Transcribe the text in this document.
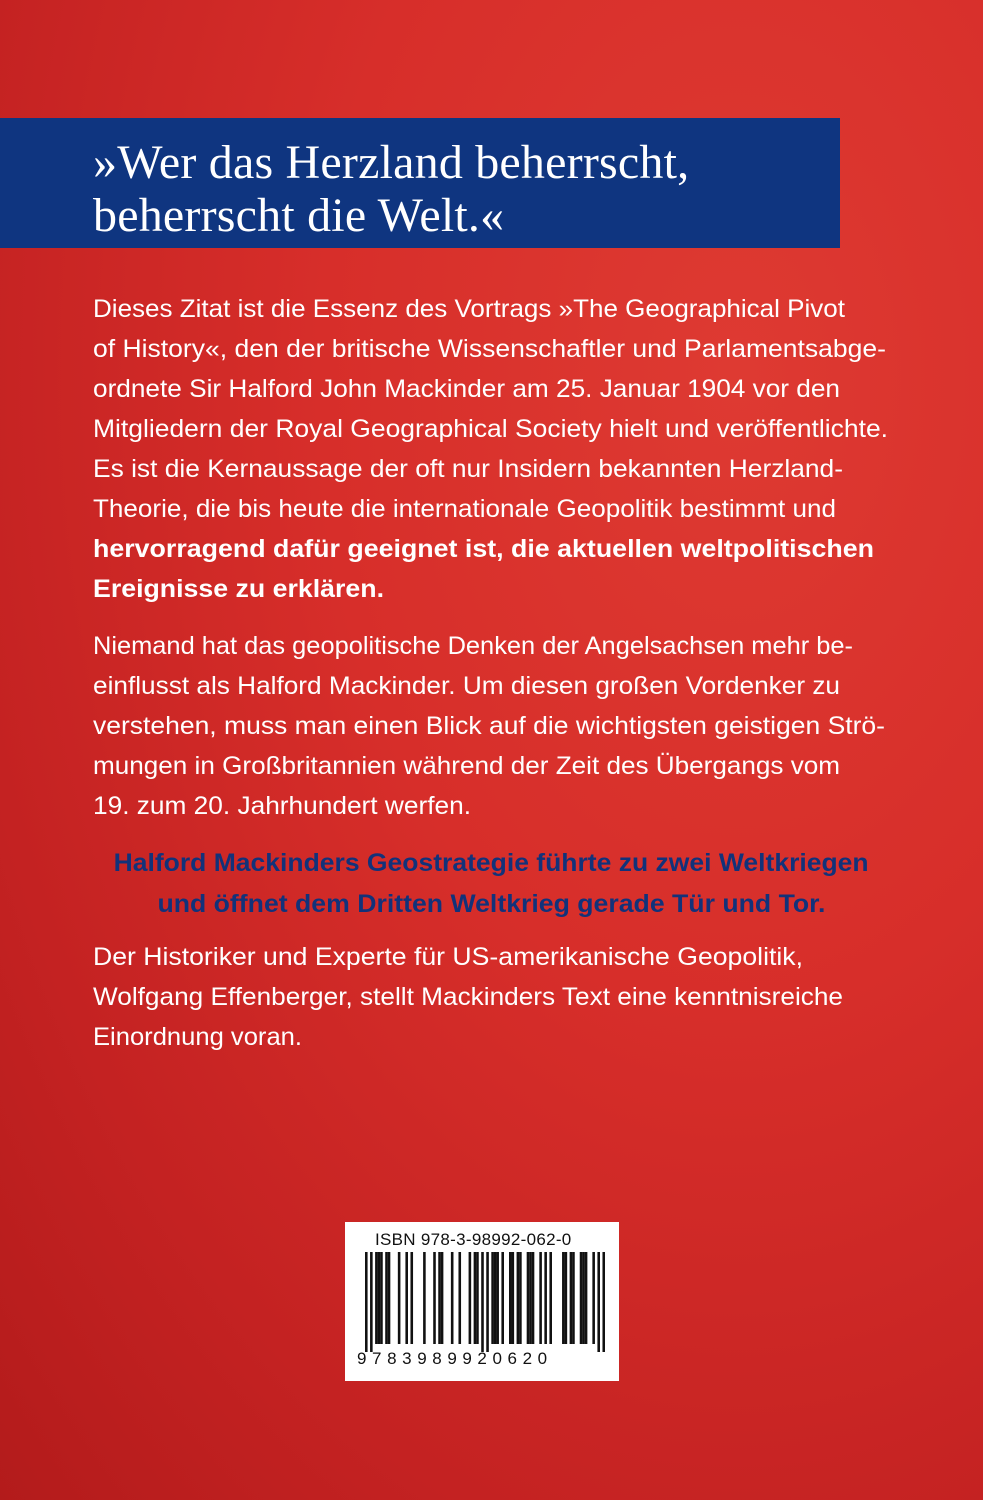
»Wer das Herzland beherrscht,
beherrscht die Welt.«
Dieses Zitat ist die Essenz des Vortrags »The Geographical Pivot of History«, den der britische Wissenschaftler und Parlamentsabge- ordnete Sir Halford John Mackinder am 25. Januar 1904 vor den Mitgliedern der Royal Geographical Society hielt und veröffentlichte. Es ist die Kernaussage der oft nur Insidern bekannten Herzland- Theorie, die bis heute die internationale Geopolitik bestimmt und hervorragend dafür geeignet ist, die aktuellen weltpolitischen Ereignisse zu erklären.
Niemand hat das geopolitische Denken der Angelsachsen mehr be- einflusst als Halford Mackinder. Um diesen großen Vordenker zu verstehen, muss man einen Blick auf die wichtigsten geistigen Strö- mungen in Großbritannien während der Zeit des Übergangs vom 19. zum 20. Jahrhundert werfen.
Halford Mackinders Geostrategie führte zu zwei Weltkriegen
und öffnet dem Dritten Weltkrieg gerade Tür und Tor.
Der Historiker und Experte für US-amerikanische Geopolitik, Wolfgang Effenberger, stellt Mackinders Text eine kenntnisreiche Einordnung voran.
ISBN 978-3-98992-062-0
9783989920620
